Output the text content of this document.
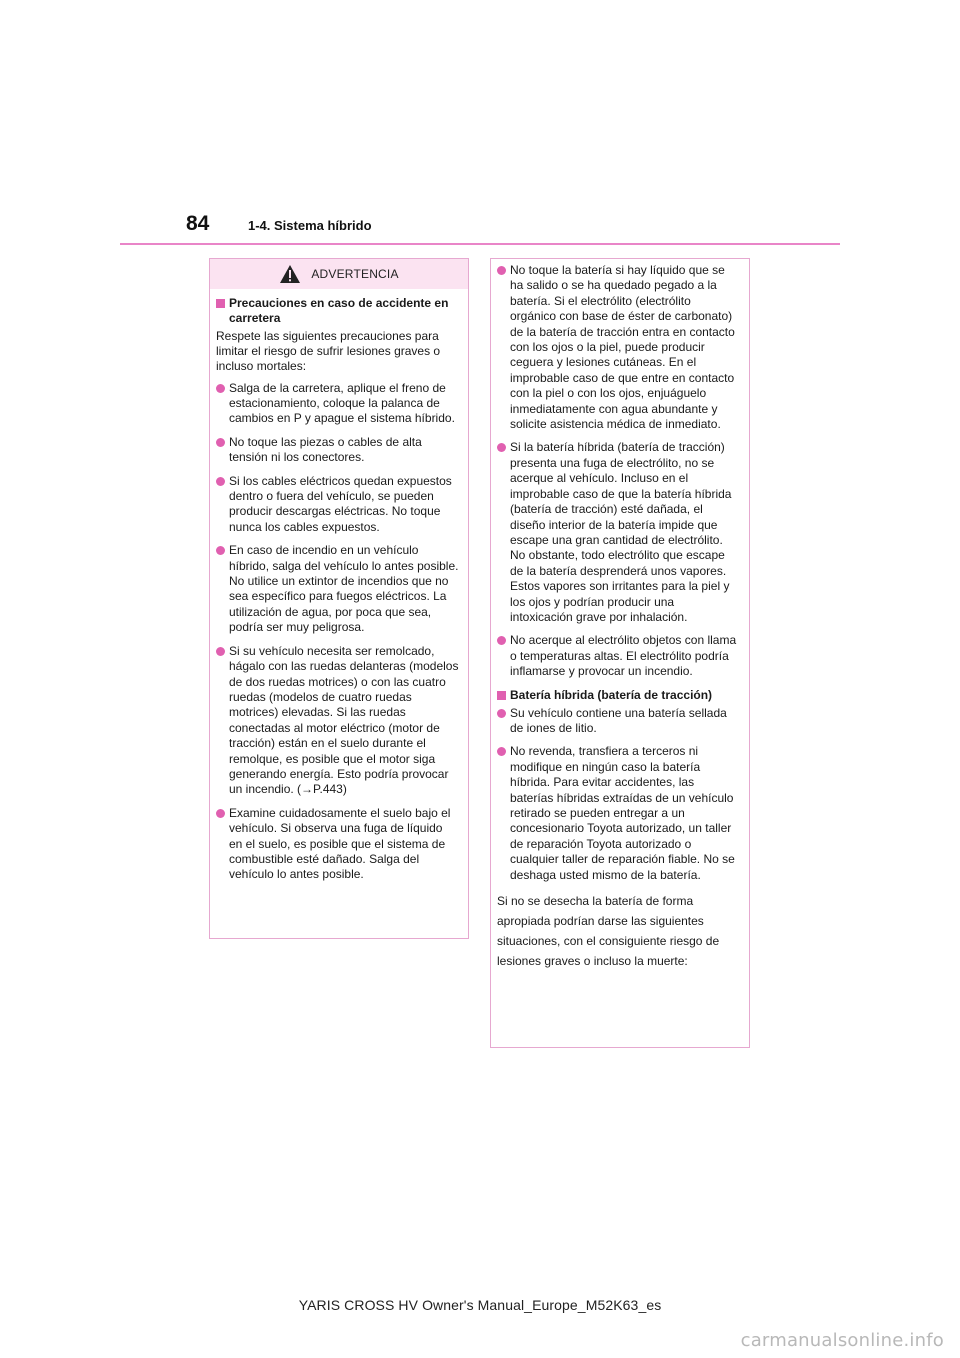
84	1-4. Sistema híbrido
ADVERTENCIA
Precauciones en caso de accidente en carretera

Respete las siguientes precauciones para limitar el riesgo de sufrir lesiones graves o incluso mortales:

Salga de la carretera, aplique el freno de estacionamiento, coloque la palanca de cambios en P y apague el sistema híbrido.
No toque las piezas o cables de alta tensión ni los conectores.
Si los cables eléctricos quedan expuestos dentro o fuera del vehículo, se pueden producir descargas eléctricas. No toque nunca los cables expuestos.
En caso de incendio en un vehículo híbrido, salga del vehículo lo antes posible. No utilice un extintor de incendios que no sea específico para fuegos eléctricos. La utilización de agua, por poca que sea, podría ser muy peligrosa.
Si su vehículo necesita ser remolcado, hágalo con las ruedas delanteras (modelos de dos ruedas motrices) o con las cuatro ruedas (modelos de cuatro ruedas motrices) elevadas. Si las ruedas conectadas al motor eléctrico (motor de tracción) están en el suelo durante el remolque, es posible que el motor siga generando energía. Esto podría provocar un incendio. (→P.443)
Examine cuidadosamente el suelo bajo el vehículo. Si observa una fuga de líquido en el suelo, es posible que el sistema de combustible esté dañado. Salga del vehículo lo antes posible.
No toque la batería si hay líquido que se ha salido o se ha quedado pegado a la batería. Si el electrólito (electrólito orgánico con base de éster de carbonato) de la batería de tracción entra en contacto con los ojos o la piel, puede producir ceguera y lesiones cutáneas. En el improbable caso de que entre en contacto con la piel o con los ojos, enjuáguelo inmediatamente con agua abundante y solicite asistencia médica de inmediato.
Si la batería híbrida (batería de tracción) presenta una fuga de electrólito, no se acerque al vehículo. Incluso en el improbable caso de que la batería híbrida (batería de tracción) esté dañada, el diseño interior de la batería impide que escape una gran cantidad de electrólito. No obstante, todo electrólito que escape de la batería desprenderá unos vapores. Estos vapores son irritantes para la piel y los ojos y podrían producir una intoxicación grave por inhalación.
No acerque al electrólito objetos con llama o temperaturas altas. El electrólito podría inflamarse y provocar un incendio.
Batería híbrida (batería de tracción)
Su vehículo contiene una batería sellada de iones de litio.
No revenda, transfiera a terceros ni modifique en ningún caso la batería híbrida. Para evitar accidentes, las baterías híbridas extraídas de un vehículo retirado se pueden entregar a un concesionario Toyota autorizado, un taller de reparación Toyota autorizado o cualquier taller de reparación fiable. No se deshaga usted mismo de la batería.

Si no se desecha la batería de forma apropiada podrían darse las siguientes situaciones, con el consiguiente riesgo de lesiones graves o incluso la muerte:

YARIS CROSS HV Owner's Manual_Europe_M52K63_es
carmanualsonline.info
